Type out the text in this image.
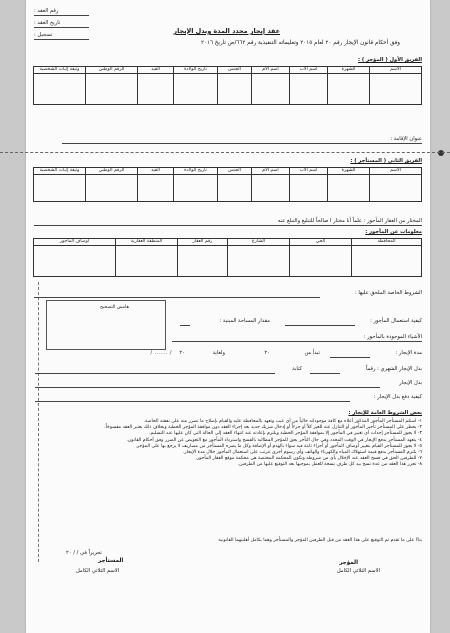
رقم العقد :
تاريخ العقد :
تسجيل :	عقد إيجار محدد المدة وبدل الإيجار
وفق أحكام قانون الإيجار رقم ٢٠ لعام ٢٠١٥ وتعليماته التنفيذية رقم ٦٦٢/ص تاريخ ٢٠١٦
الفريق الأول ( المؤجر ) :
الاسم	الشهرة	اسم الأب	اسم الأم	الجنس	تاريخ الولادة	القيد	الرقم الوطني	وثيقة إثبات الشخصية

عنوان الإقامة :
الفريق الثاني ( المستأجر ) :
الاسم	الشهرة	اسم الأب	اسم الأم	الجنس	تاريخ الولادة	القيد	الرقم الوطني	وثيقة إثبات الشخصية

المختار من العقار المأجور : علماً أنا مختار ا صالحاً للتبليغ والتبلغ عنه
معلومات عن المأجور :
المحافظة	الحي	الشارع	رقم العقار	المنطقة العقارية	أوصاف المأجور

الشروط الخاصة الملحق عليها :
هامش التصحيح
كيفية استعمال المأجور :
مقدار المساحة المبنية :
الأشياء الموجودة بالمأجور :
مدة الإيجار :
تبدأ من
٢٠
ولغاية
٢٠
/ ...... /
بدل الإيجار الشهري : رقماً
كتابة
بدل الإيجار
كيفية دفع بدل الإيجار :
بعض الشروط العامة للإيجار :
١- استلم المستأجر المأجور المذكور أعلاه مع كافة موجوداته خالياً من أي عيب وتعهد بالمحافظة عليه والقيام بإصلاح ما تضرر منه على نفقته الخاصة.
٢- يحظر على المستأجر تأجير المأجور أو التنازل عنه للغير كلاً أو جزءاً أو إدخال شريك جديد بعد إجراء العقد دون موافقة المؤجر الخطية وبخلاف ذلك يعتبر العقد مفسوخاً.
٣- لا يجوز للمستأجر إحداث أي تغيير في المأجور إلا بموافقة المؤجر الخطية ويلتزم بإعادته عند انتهاء العقد إلى الحالة التي كان عليها عند التسليم.
٤- يتعهد المستأجر بدفع الإيجار في الوقت المحدد وفي حال التأخر يحق للمؤجر المطالبة بالفسخ واسترداد المأجور مع التعويض عن الضرر وفق أحكام القانون.
٥- لا يجوز للمستأجر القيام بتغيير أوصاف المأجور أو أجزاء ثابتة فيه سواء بالهدم أو الإضافة وكل ما يضره المستأجر من مصاريف لا يرجع بها على المؤجر.
٦- يلتزم المستأجر بدفع قيمة استهلاك المياه والكهرباء والهاتف وأي رسوم أخرى تترتب على استعمال المأجور خلال مدة الإيجار.
٧- للطرفين الحق في فسخ العقد عند الإخلال بأي من شروطه وتكون المحكمة المختصة هي محكمة موقع العقار المأجور.
٨- تحرر هذا العقد من عدة نسخ بيد كل طرف نسخة للعمل بموجبها بعد التوقيع عليها من الطرفين.
بناءً على ما تقدم تم التوقيع على هذا العقد من قبل الطرفين المؤجر والمستأجر وهما بكامل أهليتهما القانونية
تحريراً في / / ٢٠
المؤجر
المستأجر
الاسم الثلاثي الكامل
الاسم الثلاثي الكامل
